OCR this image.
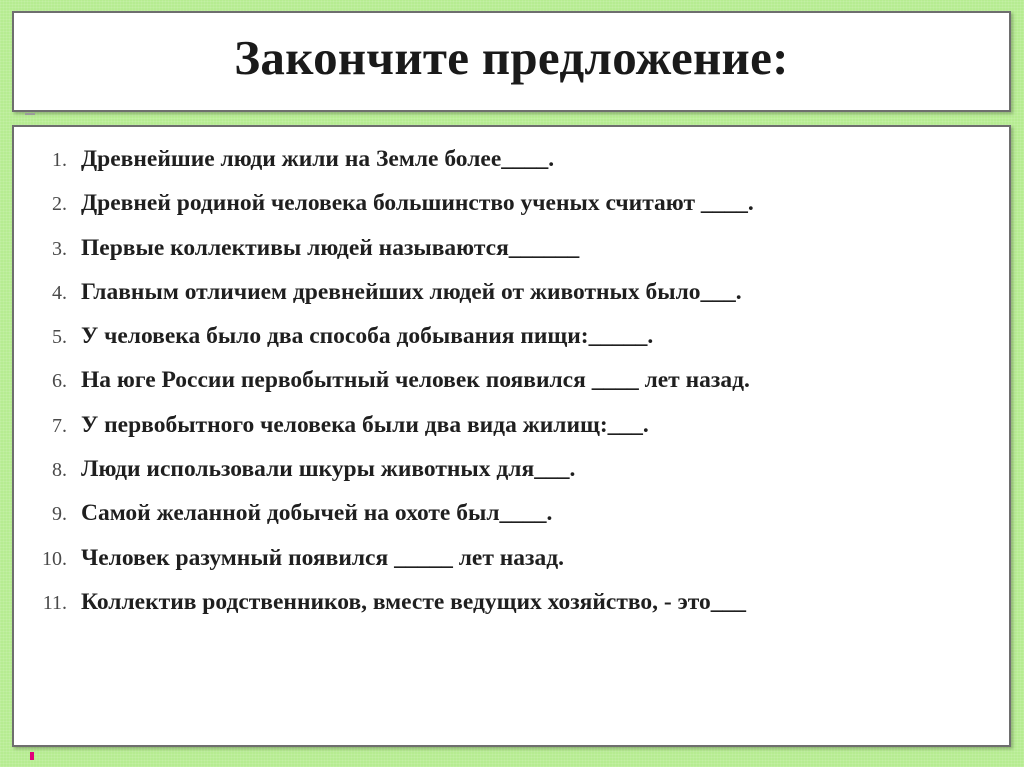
Закончите предложение:
1. Древнейшие люди жили на Земле более____.
2. Древней родиной человека большинство ученых считают ____.
3. Первые коллективы людей называются______
4. Главным отличием древнейших людей от животных было___.
5. У человека было два способа добывания пищи:_____.
6. На юге России первобытный человек появился ____ лет назад.
7. У первобытного человека были два вида жилищ:___.
8. Люди использовали шкуры животных для___.
9. Самой желанной добычей на охоте был____.
10. Человек разумный появился _____ лет назад.
11. Коллектив родственников, вместе ведущих хозяйство, - это___
